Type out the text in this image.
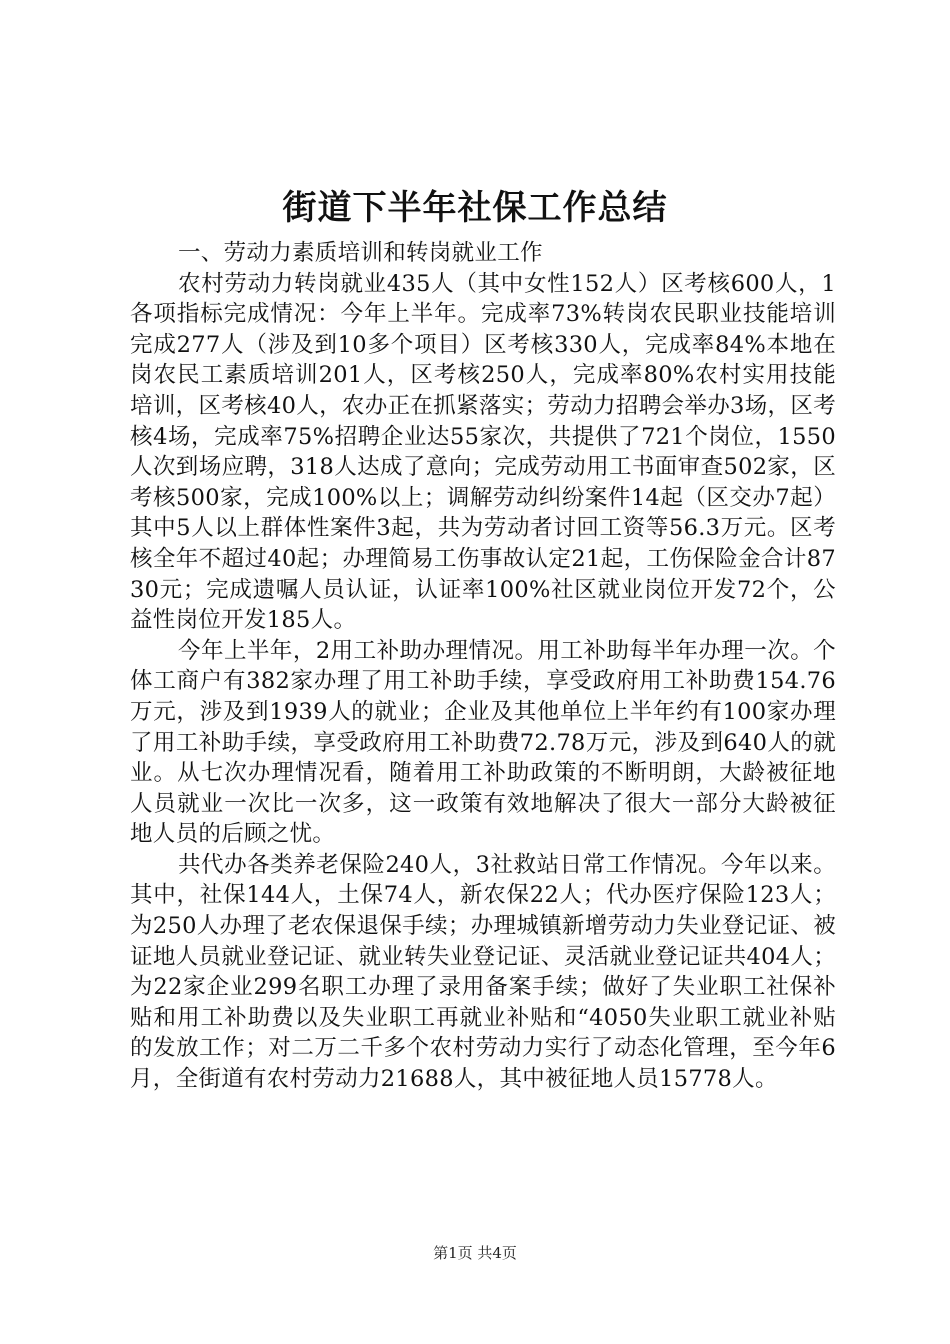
街道下半年社保工作总结

一、劳动力素质培训和转岗就业工作

农村劳动力转岗就业435人（其中女性152人）区考核600人，1各项指标完成情况：今年上半年。完成率73%转岗农民职业技能培训完成277人（涉及到10多个项目）区考核330人，完成率84%本地在岗农民工素质培训201人，区考核250人，完成率80%农村实用技能培训，区考核40人，农办正在抓紧落实；劳动力招聘会举办3场，区考核4场，完成率75%招聘企业达55家次，共提供了721个岗位，1550人次到场应聘，318人达成了意向；完成劳动用工书面审查502家，区考核500家，完成100%以上；调解劳动纠纷案件14起（区交办7起）其中5人以上群体性案件3起，共为劳动者讨回工资等56.3万元。区考核全年不超过40起；办理简易工伤事故认定21起，工伤保险金合计8730元；完成遗嘱人员认证，认证率100%社区就业岗位开发72个，公益性岗位开发185人。

今年上半年，2用工补助办理情况。用工补助每半年办理一次。个体工商户有382家办理了用工补助手续，享受政府用工补助费154.76万元，涉及到1939人的就业；企业及其他单位上半年约有100家办理了用工补助手续，享受政府用工补助费72.78万元，涉及到640人的就业。从七次办理情况看，随着用工补助政策的不断明朗，大龄被征地人员就业一次比一次多，这一政策有效地解决了很大一部分大龄被征地人员的后顾之忧。

共代办各类养老保险240人，3社救站日常工作情况。今年以来。其中，社保144人，土保74人，新农保22人；代办医疗保险123人；为250人办理了老农保退保手续；办理城镇新增劳动力失业登记证、被证地人员就业登记证、就业转失业登记证、灵活就业登记证共404人；为22家企业299名职工办理了录用备案手续；做好了失业职工社保补贴和用工补助费以及失业职工再就业补贴和“4050失业职工就业补贴的发放工作；对二万二千多个农村劳动力实行了动态化管理，至今年6月，全街道有农村劳动力21688人，其中被征地人员15778人。

第1页 共4页
